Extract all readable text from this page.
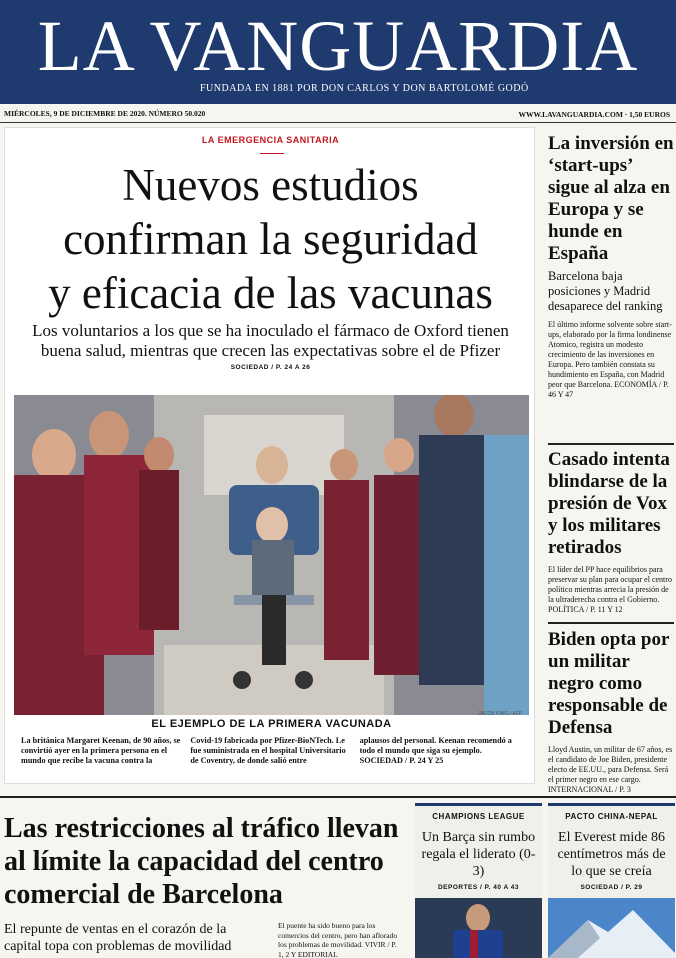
LA VANGUARDIA
FUNDADA EN 1881 POR DON CARLOS Y DON BARTOLOMÉ GODÓ
MIÉRCOLES, 9 DE DICIEMBRE DE 2020. NÚMERO 50.020	WWW.LAVANGUARDIA.COM · 1,50 EUROS
LA EMERGENCIA SANITARIA
Nuevos estudios
confirman la seguridad
y eficacia de las vacunas

Los voluntarios a los que se ha inoculado el fármaco de Oxford tienen buena salud, mientras que crecen las expectativas sobre el de Pfizer

SOCIEDAD / P. 24 A 26
JACOB KING / AFP
EL EJEMPLO DE LA PRIMERA VACUNADA
La británica Margaret Keenan, de 90 años, se convirtió ayer en la primera persona en el mundo que recibe la vacuna contra la
Covid-19 fabricada por Pfizer-BioNTech. Le fue suministrada en el hospital Universitario de Coventry, de donde salió entre
aplausos del personal. Keenan recomendó a todo el mundo que siga su ejemplo. SOCIEDAD / P. 24 Y 25
La inversión en ‘start-ups’ sigue al alza en Europa y se hunde en España
Barcelona baja posiciones y Madrid desaparece del ranking
El último informe solvente sobre start-ups, elaborado por la firma londinense Atomico, registra un modesto crecimiento de las inversiones en Europa. Pero también constata su hundimiento en España, con Madrid peor que Barcelona. ECONOMÍA / P. 46 Y 47
Casado intenta blindarse de la presión de Vox y los militares retirados
El líder del PP hace equilibrios para preservar su plan para ocupar el centro político mientras arrecia la presión de la ultraderecha contra el Gobierno. POLÍTICA / P. 11 Y 12
Biden opta por un militar negro como responsable de Defensa
Lloyd Austin, un militar de 67 años, es el candidato de Joe Biden, presidente electo de EE.UU., para Defensa. Será el primer negro en ese cargo. INTERNACIONAL / P. 3
Las restricciones al tráfico llevan al límite la capacidad del centro comercial de Barcelona

El repunte de ventas en el corazón de la capital topa con problemas de movilidad

El puente ha sido bueno para los comercios del centro, pero han aflorado los problemas de movilidad. VIVIR / P. 1, 2 Y EDITORIAL

CHAMPIONS LEAGUE
Un Barça sin rumbo regala el liderato (0-3)
DEPORTES / P. 40 A 43
PACTO CHINA-NEPAL
El Everest mide 86 centímetros más de lo que se creía
SOCIEDAD / P. 29
